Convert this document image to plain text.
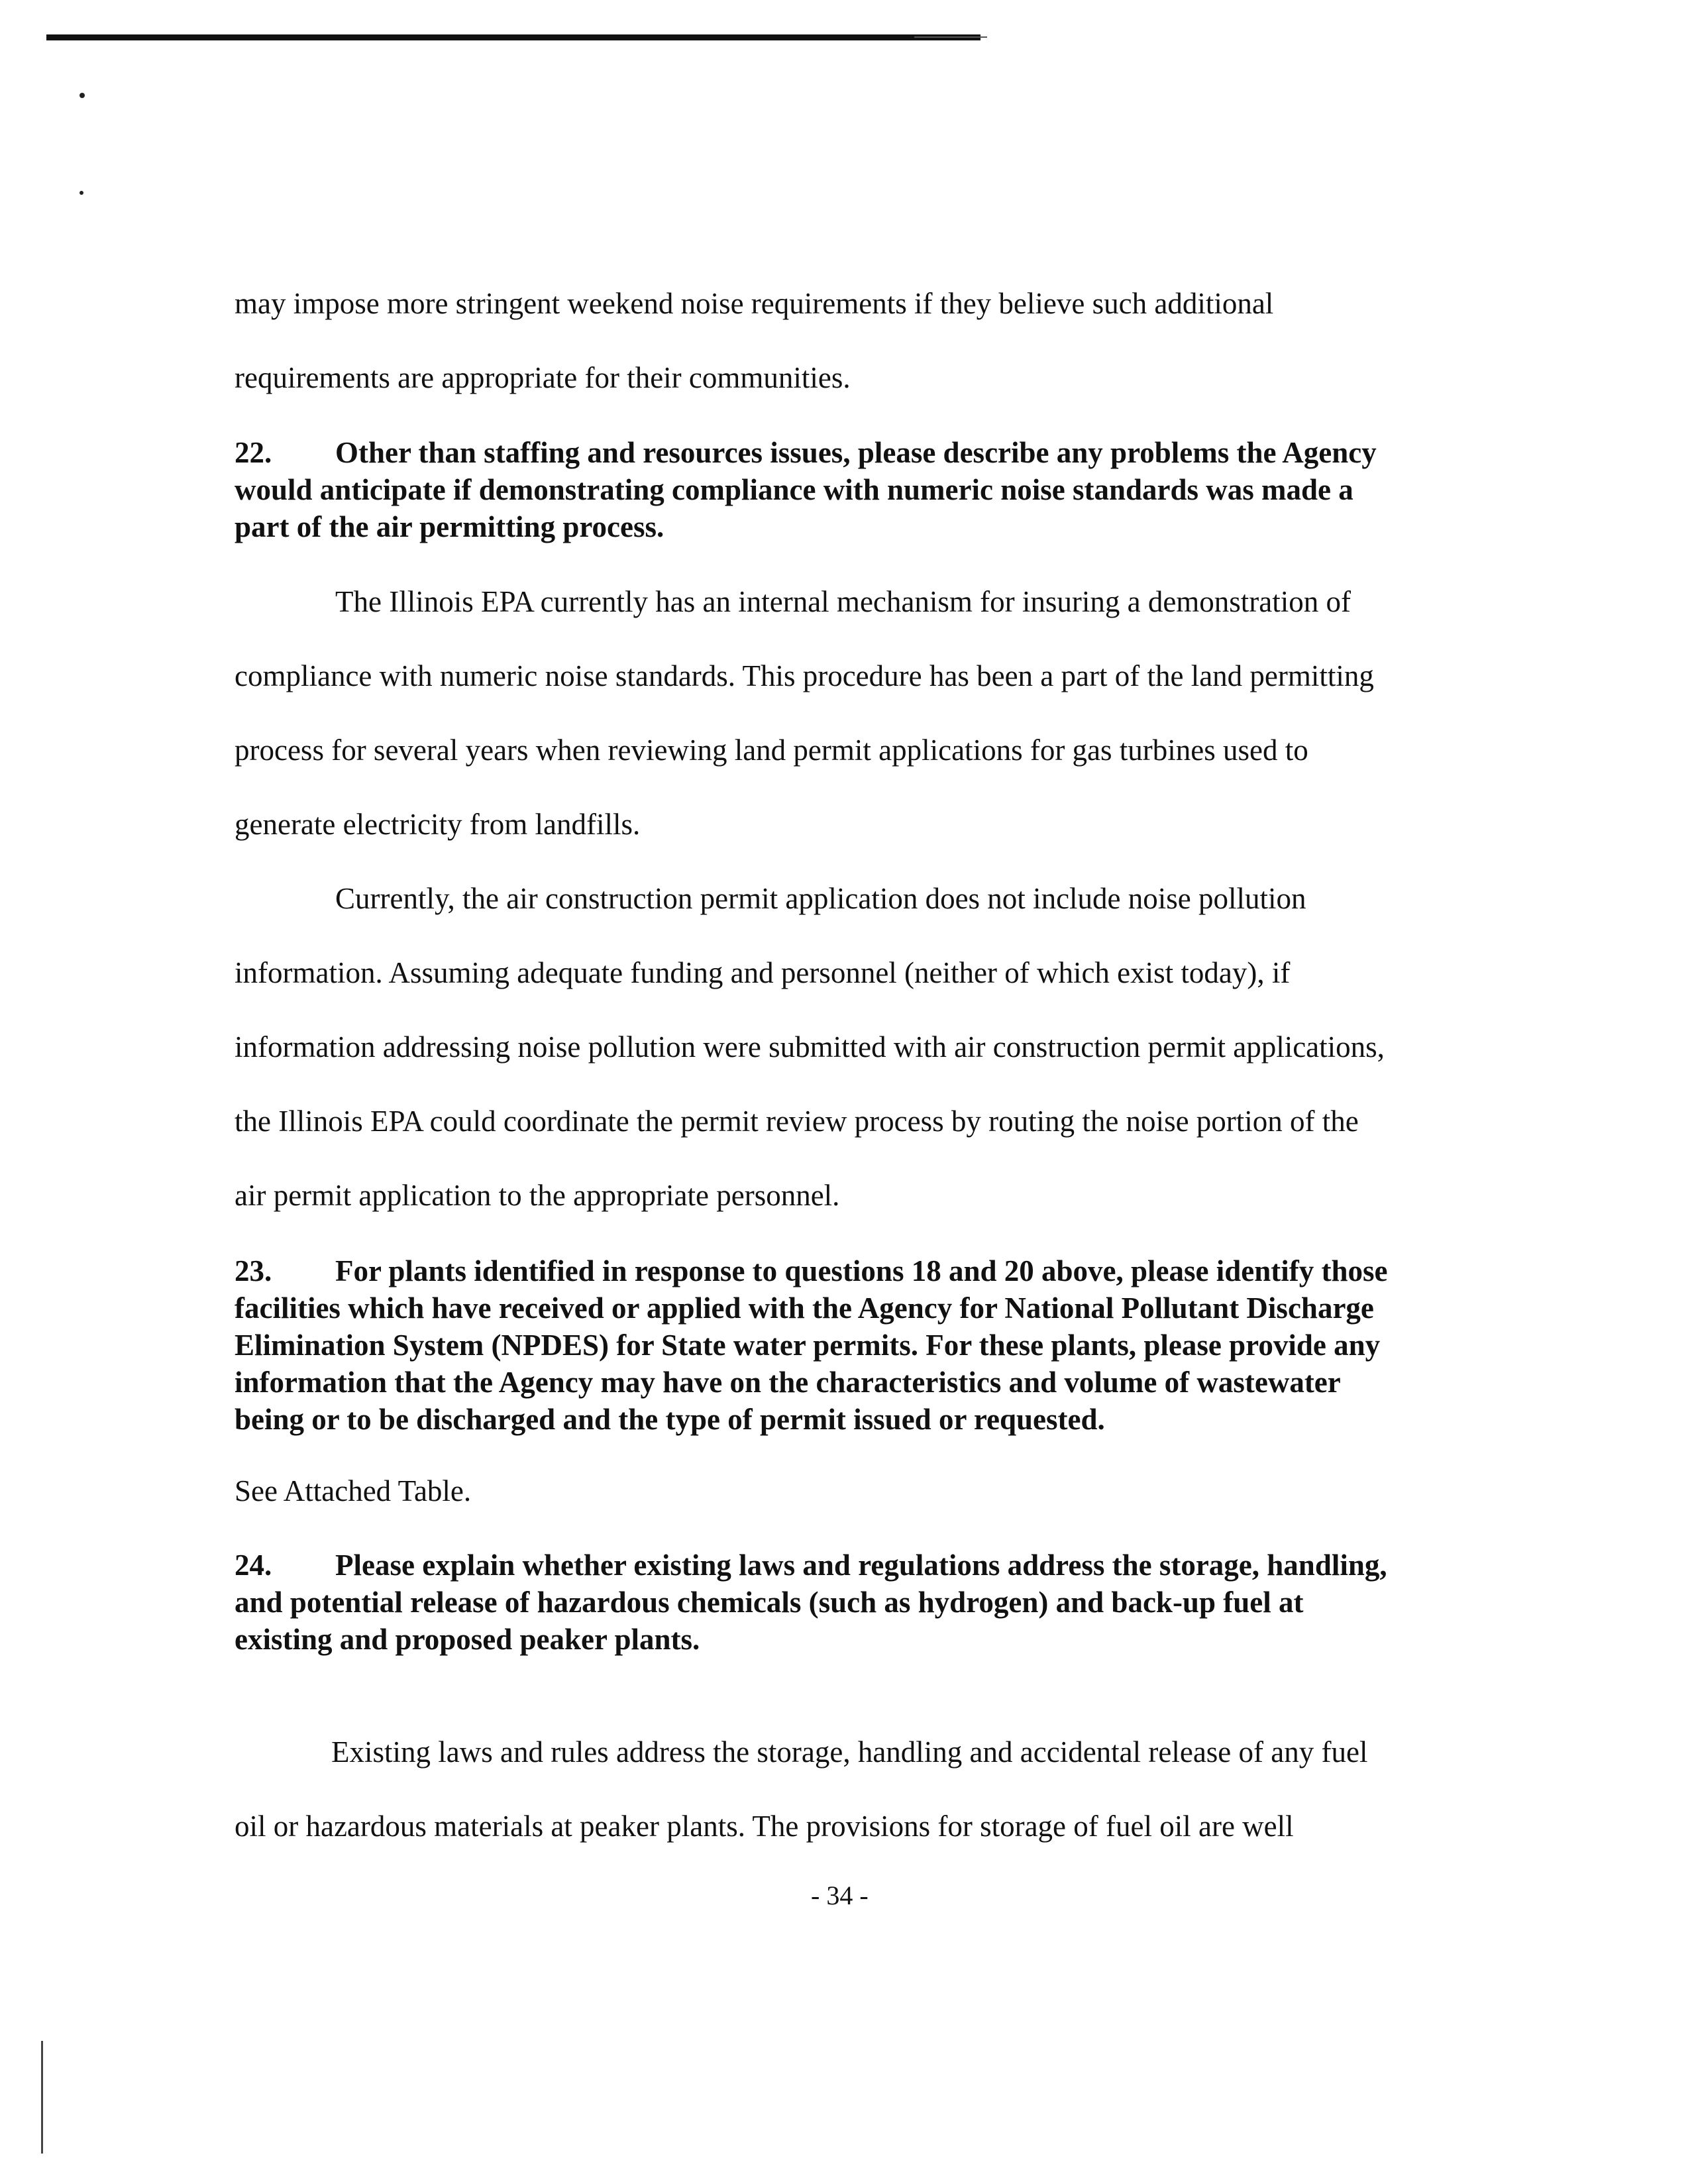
may impose more stringent weekend noise requirements if they believe such additional
requirements are appropriate for their communities.
22. Other than staffing and resources issues, please describe any problems the Agency
would anticipate if demonstrating compliance with numeric noise standards was made a
part of the air permitting process.
The Illinois EPA currently has an internal mechanism for insuring a demonstration of
compliance with numeric noise standards. This procedure has been a part of the land permitting
process for several years when reviewing land permit applications for gas turbines used to
generate electricity from landfills.
Currently, the air construction permit application does not include noise pollution
information. Assuming adequate funding and personnel (neither of which exist today), if
information addressing noise pollution were submitted with air construction permit applications,
the Illinois EPA could coordinate the permit review process by routing the noise portion of the
air permit application to the appropriate personnel.
23. For plants identified in response to questions 18 and 20 above, please identify those
facilities which have received or applied with the Agency for National Pollutant Discharge
Elimination System (NPDES) for State water permits. For these plants, please provide any
information that the Agency may have on the characteristics and volume of wastewater
being or to be discharged and the type of permit issued or requested.
See Attached Table.
24. Please explain whether existing laws and regulations address the storage, handling,
and potential release of hazardous chemicals (such as hydrogen) and back-up fuel at
existing and proposed peaker plants.
Existing laws and rules address the storage, handling and accidental release of any fuel
oil or hazardous materials at peaker plants. The provisions for storage of fuel oil are well
- 34 -
